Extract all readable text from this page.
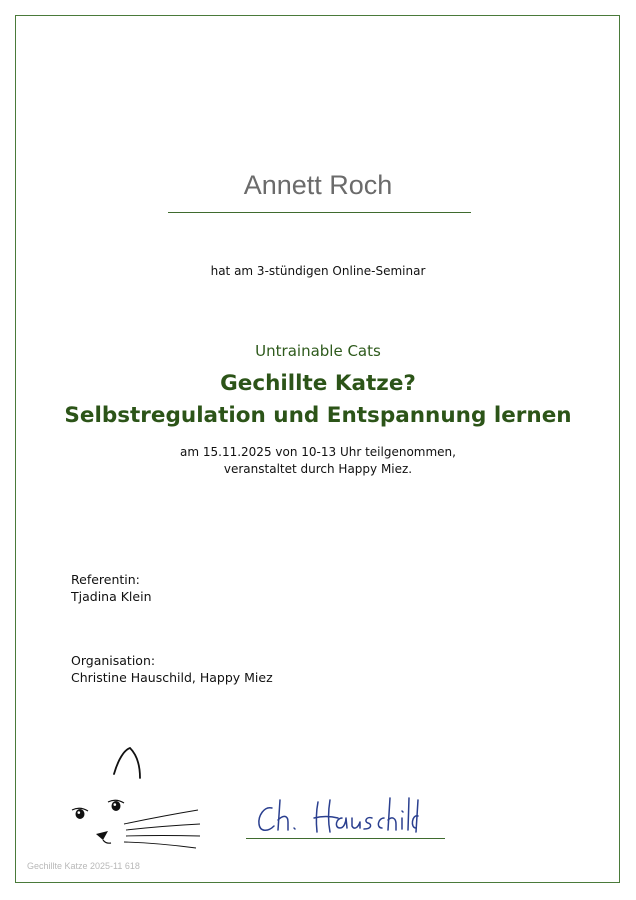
Annett Roch
hat am 3-stündigen Online-Seminar
Untrainable Cats
Gechillte Katze?
Selbstregulation und Entspannung lernen
am 15.11.2025 von 10-13 Uhr teilgenommen,
veranstaltet durch Happy Miez.
Referentin:
Tjadina Klein
Organisation:
Christine Hauschild, Happy Miez
Gechillte Katze 2025-11 618
